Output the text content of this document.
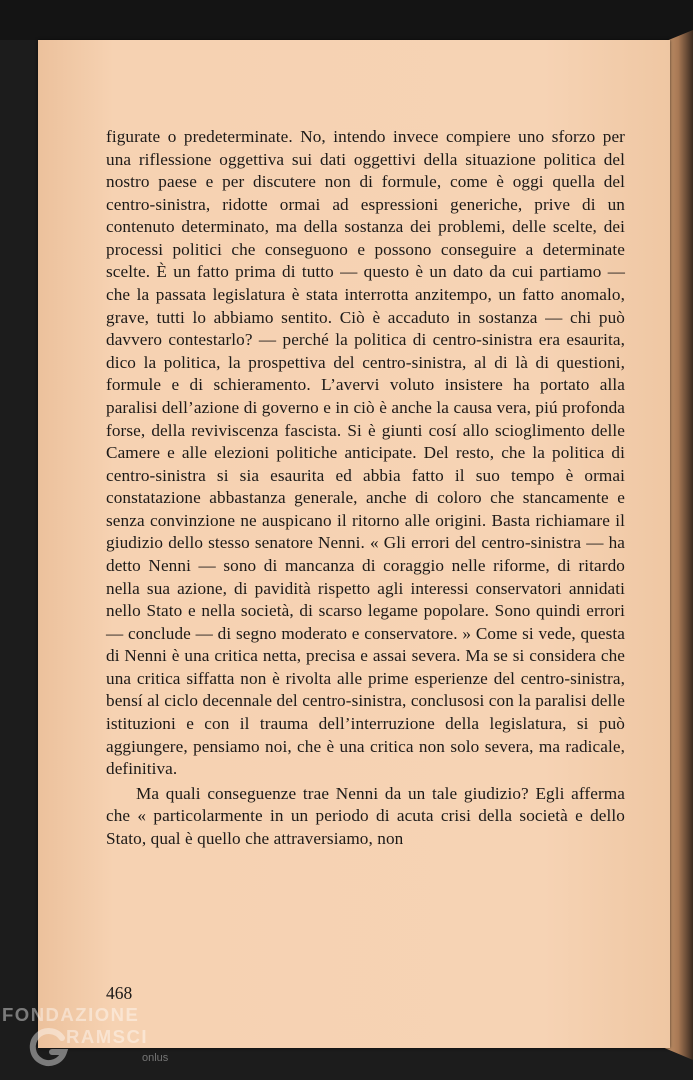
figurate o predeterminate. No, intendo invece compiere uno sforzo per una riflessione oggettiva sui dati oggettivi della situazione politica del nostro paese e per discutere non di formule, come è oggi quella del centro-sinistra, ridotte ormai ad espressioni generiche, prive di un contenuto determinato, ma della sostanza dei problemi, delle scelte, dei processi politici che conseguono e possono conseguire a determinate scelte. È un fatto prima di tutto — questo è un dato da cui partiamo — che la passata legislatura è stata interrotta anzitempo, un fatto anomalo, grave, tutti lo abbiamo sentito. Ciò è accaduto in sostanza — chi può davvero contestarlo? — perché la politica di centro-sinistra era esaurita, dico la politica, la prospettiva del centro-sinistra, al di là di questioni, formule e di schieramento. L’avervi voluto insistere ha portato alla paralisi dell’azione di governo e in ciò è anche la causa vera, piú profonda forse, della reviviscenza fascista. Si è giunti cosí allo scioglimento delle Camere e alle elezioni politiche anticipate. Del resto, che la politica di centro-sinistra si sia esaurita ed abbia fatto il suo tempo è ormai constatazione abbastanza generale, anche di coloro che stancamente e senza convinzione ne auspicano il ritorno alle origini. Basta richiamare il giudizio dello stesso senatore Nenni. « Gli errori del centro-sinistra — ha detto Nenni — sono di mancanza di coraggio nelle riforme, di ritardo nella sua azione, di pavidità rispetto agli interessi conservatori annidati nello Stato e nella società, di scarso legame popolare. Sono quindi errori — conclude — di segno moderato e conservatore. » Come si vede, questa di Nenni è una critica netta, precisa e assai severa. Ma se si considera che una critica siffatta non è rivolta alle prime esperienze del centro-sinistra, bensí al ciclo decennale del centro-sinistra, conclusosi con la paralisi delle istituzioni e con il trauma dell’interruzione della legislatura, si può aggiungere, pensiamo noi, che è una critica non solo severa, ma radicale, definitiva.

Ma quali conseguenze trae Nenni da un tale giudizio? Egli afferma che « particolarmente in un periodo di acuta crisi della società e dello Stato, qual è quello che attraversiamo, non

468
FONDAZIONE
RAMSCI
onlus
